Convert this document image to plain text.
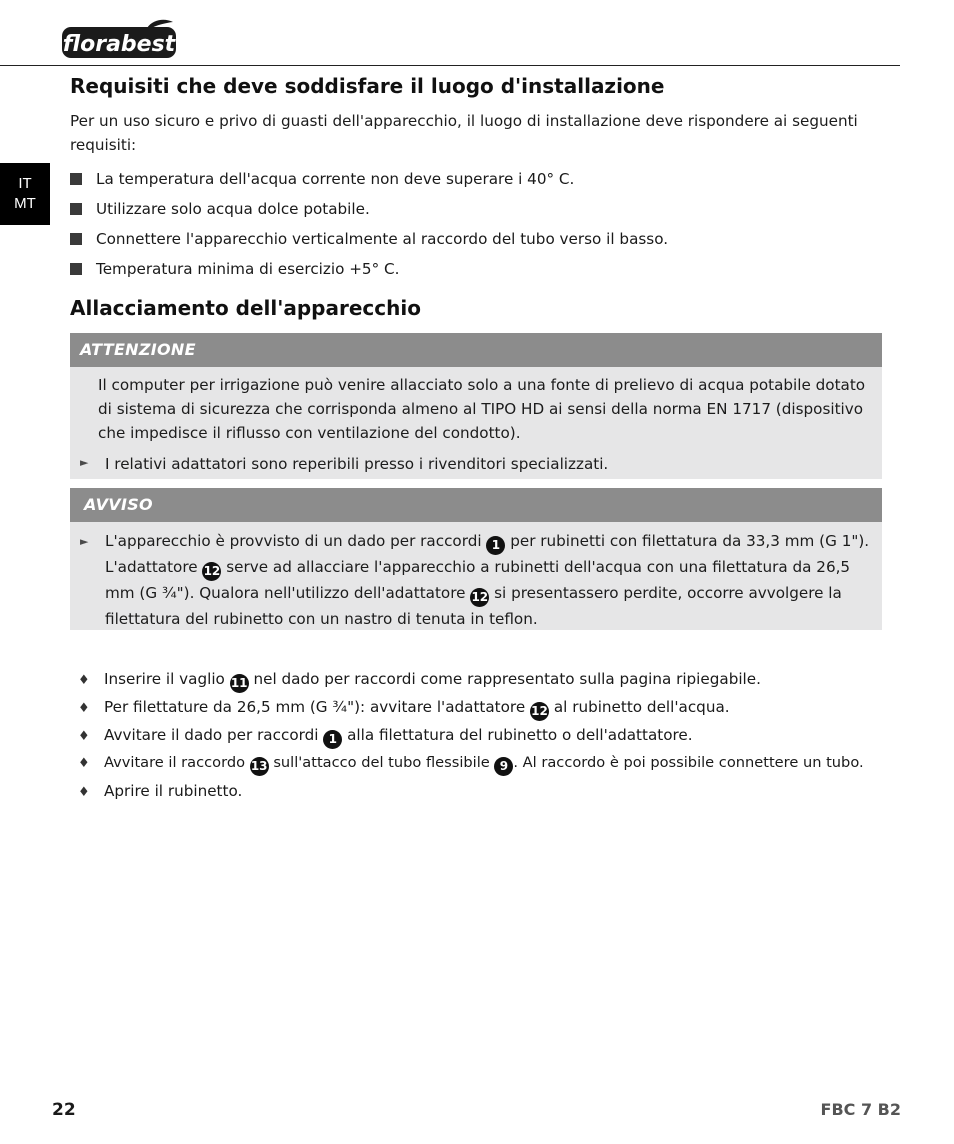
florabest
IT
MT
Requisiti che deve soddisfare il luogo d'installazione
Per un uso sicuro e privo di guasti dell'apparecchio, il luogo di installazione deve rispondere ai seguenti requisiti:
La temperatura dell'acqua corrente non deve superare i 40° C.
Utilizzare solo acqua dolce potabile.
Connettere l'apparecchio verticalmente al raccordo del tubo verso il basso.
Temperatura minima di esercizio +5° C.
Allacciamento dell'apparecchio
ATTENZIONE
Il computer per irrigazione può venire allacciato solo a una fonte di prelievo di acqua potabile dotato di sistema di sicurezza che corrisponda almeno al TIPO HD ai sensi della norma EN 1717 (dispositivo che impedisce il riflusso con ventilazione del condotto).
► I relativi adattatori sono reperibili presso i rivenditori specializzati.
AVVISO
► L'apparecchio è provvisto di un dado per raccordi 1 per rubinetti con filettatura da 33,3 mm (G 1"). L'adattatore 12 serve ad allacciare l'apparecchio a rubinetti dell'acqua con una filettatura da 26,5 mm (G ¾"). Qualora nell'utilizzo dell'adattatore 12 si presentassero perdite, occorre avvolgere la filettatura del rubinetto con un nastro di tenuta in teflon.
♦ Inserire il vaglio 11 nel dado per raccordi come rappresentato sulla pagina ripiegabile.
♦ Per filettature da 26,5 mm (G ¾"): avvitare l'adattatore 12 al rubinetto dell'acqua.
♦ Avvitare il dado per raccordi 1 alla filettatura del rubinetto o dell'adattatore.
♦ Avvitare il raccordo 13 sull'attacco del tubo flessibile 9 . Al raccordo è poi possibile connettere un tubo.
♦ Aprire il rubinetto.
22	FBC 7 B2
